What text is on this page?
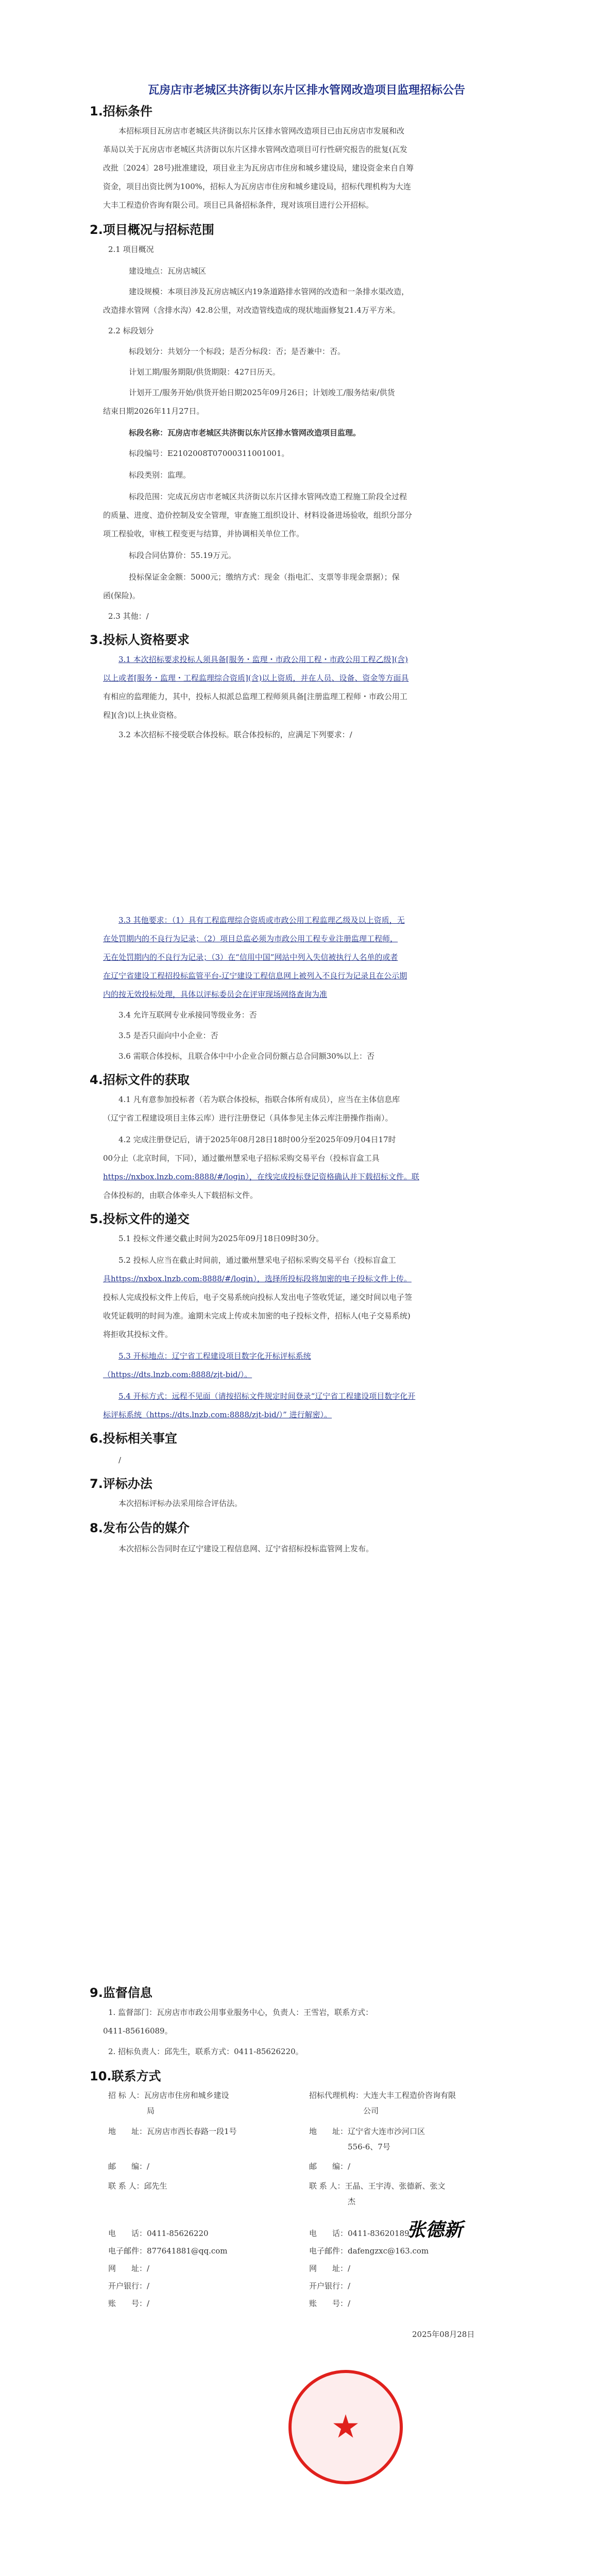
瓦房店市老城区共济街以东片区排水管网改造项目监理招标公告
1.招标条件
本招标项目瓦房店市老城区共济街以东片区排水管网改造项目已由瓦房店市发展和改
革局以关于瓦房店市老城区共济街以东片区排水管网改造项目可行性研究报告的批复(瓦发
改批〔2024〕28号)批准建设，项目业主为瓦房店市住房和城乡建设局，建设资金来自自筹
资金，项目出资比例为100%，招标人为瓦房店市住房和城乡建设局，招标代理机构为大连
大丰工程造价咨询有限公司。项目已具备招标条件，现对该项目进行公开招标。
2.项目概况与招标范围
2.1 项目概况
建设地点：瓦房店城区
建设规模：本项目涉及瓦房店城区内19条道路排水管网的改造和一条排水渠改造，
改造排水管网（含排水沟）42.8公里，对改造管线造成的现状地面修复21.4万平方米。
2.2 标段划分
标段划分：共划分一个标段；是否分标段：否；是否兼中：否。
计划工期/服务期限/供货期限：427日历天。
计划开工/服务开始/供货开始日期2025年09月26日；计划竣工/服务结束/供货
结束日期2026年11月27日。
标段名称：瓦房店市老城区共济街以东片区排水管网改造项目监理。
标段编号：E2102008T07000311001001。
标段类别：监理。
标段范围：完成瓦房店市老城区共济街以东片区排水管网改造工程施工阶段全过程
的质量、进度、造价控制及安全管理，审查施工组织设计、材料设备进场验收，组织分部分
项工程验收，审核工程变更与结算，并协调相关单位工作。
标段合同估算价：55.19万元。
投标保证金金额：5000元；缴纳方式：现金（指电汇、支票等非现金票据）；保
函(保险)。
2.3 其他：/
3.投标人资格要求
3.1 本次招标要求投标人须具备[服务・监理・市政公用工程・市政公用工程乙级](含)
以上或者[服务・监理・工程监理综合资质](含)以上资质，并在人员、设备、资金等方面具
有相应的监理能力，其中，投标人拟派总监理工程师须具备[注册监理工程师・市政公用工
程](含)以上执业资格。
3.2 本次招标不接受联合体投标。联合体投标的，应满足下列要求：/
3.3 其他要求：（1）具有工程监理综合资质或市政公用工程监理乙级及以上资质，无
在处罚期内的不良行为记录；（2）项目总监必须为市政公用工程专业注册监理工程师，
无在处罚期内的不良行为记录；（3）在“信用中国”网站中列入失信被执行人名单的或者
在辽宁省建设工程招投标监管平台-辽宁建设工程信息网上被列入不良行为记录且在公示期
内的按无效投标处理，具体以评标委员会在评审现场网络查询为准
3.4 允许互联网专业承接同等级业务：否
3.5 是否只面向中小企业：否
3.6 需联合体投标，且联合体中中小企业合同份额占总合同额30%以上：否
4.招标文件的获取
4.1 凡有意参加投标者（若为联合体投标，指联合体所有成员），应当在主体信息库
（辽宁省工程建设项目主体云库）进行注册登记（具体参见主体云库注册操作指南）。
4.2 完成注册登记后，请于2025年08月28日18时00分至2025年09月04日17时
00分止（北京时间，下同），通过徽州慧采电子招标采购交易平台（投标盲盒工具
https://nxbox.lnzb.com:8888/#/login），在线完成投标登记资格确认并下载招标文件。联
合体投标的，由联合体牵头人下载招标文件。
5.投标文件的递交
5.1 投标文件递交截止时间为2025年09月18日09时30分。
5.2 投标人应当在截止时间前，通过徽州慧采电子招标采购交易平台（投标盲盒工
具https://nxbox.lnzb.com:8888/#/login），选择所投标段将加密的电子投标文件上传。
投标人完成投标文件上传后，电子交易系统向投标人发出电子签收凭证，递交时间以电子签
收凭证载明的时间为准。逾期未完成上传或未加密的电子投标文件，招标人(电子交易系统)
将拒收其投标文件。
5.3 开标地点：辽宁省工程建设项目数字化开标评标系统
（https://dts.lnzb.com:8888/zjt-bid/）。
5.4 开标方式：远程不见面（请按招标文件规定时间登录“辽宁省工程建设项目数字化开
标评标系统（https://dts.lnzb.com:8888/zjt-bid/）” 进行解密）。
6.投标相关事宜
/
7.评标办法
本次招标评标办法采用综合评估法。
8.发布公告的媒介
本次招标公告同时在辽宁建设工程信息网、辽宁省招标投标监管网上发布。
9.监督信息
1. 监督部门：瓦房店市市政公用事业服务中心，负责人：王雪岩，联系方式：
0411-85616089。
2. 招标负责人：邱先生，联系方式：0411-85626220。
10.联系方式
招 标 人：瓦房店市住房和城乡建设
　　　　　局
地　　址：瓦房店市西长春路一段1号
邮　　编：/
联 系 人：邱先生
电　　话：0411-85626220
电子邮件：877641881@qq.com
网　　址：/
开户银行：/
账　　号：/
招标代理机构：大连大丰工程造价咨询有限
　　　　　　　公司
地　　址：辽宁省大连市沙河口区
　　　　　556-6、7号
邮　　编：/
联 系 人：王晶、王宇涛、张德新、张文
　　　　　杰
电　　话：0411-83620189
电子邮件：dafengzxc@163.com
网　　址：/
开户银行：/
账　　号：/
2025年08月28日
张德新
